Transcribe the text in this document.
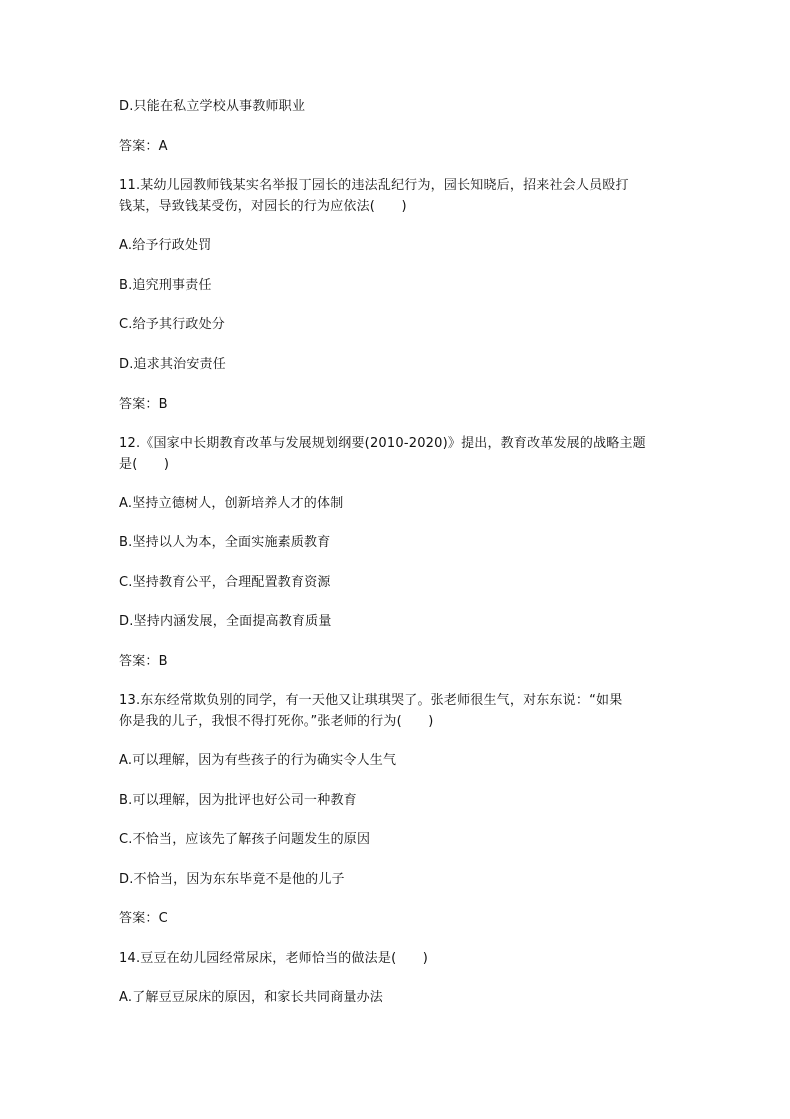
D.只能在私立学校从事教师职业
答案：A
11.某幼儿园教师钱某实名举报丁园长的违法乱纪行为，园长知晓后，招来社会人员殴打
钱某，导致钱某受伤，对园长的行为应依法(　　)
A.给予行政处罚
B.追究刑事责任
C.给予其行政处分
D.追求其治安责任
答案：B
12.《国家中长期教育改革与发展规划纲要(2010-2020)》提出，教育改革发展的战略主题
是(　　)
A.坚持立德树人，创新培养人才的体制
B.坚持以人为本，全面实施素质教育
C.坚持教育公平，合理配置教育资源
D.坚持内涵发展，全面提高教育质量
答案：B
13.东东经常欺负别的同学，有一天他又让琪琪哭了。张老师很生气，对东东说：“如果
你是我的儿子，我恨不得打死你。”张老师的行为(　　)
A.可以理解，因为有些孩子的行为确实令人生气
B.可以理解，因为批评也好公司一种教育
C.不恰当，应该先了解孩子问题发生的原因
D.不恰当，因为东东毕竟不是他的儿子
答案：C
14.豆豆在幼儿园经常尿床，老师恰当的做法是(　　)
A.了解豆豆尿床的原因，和家长共同商量办法
